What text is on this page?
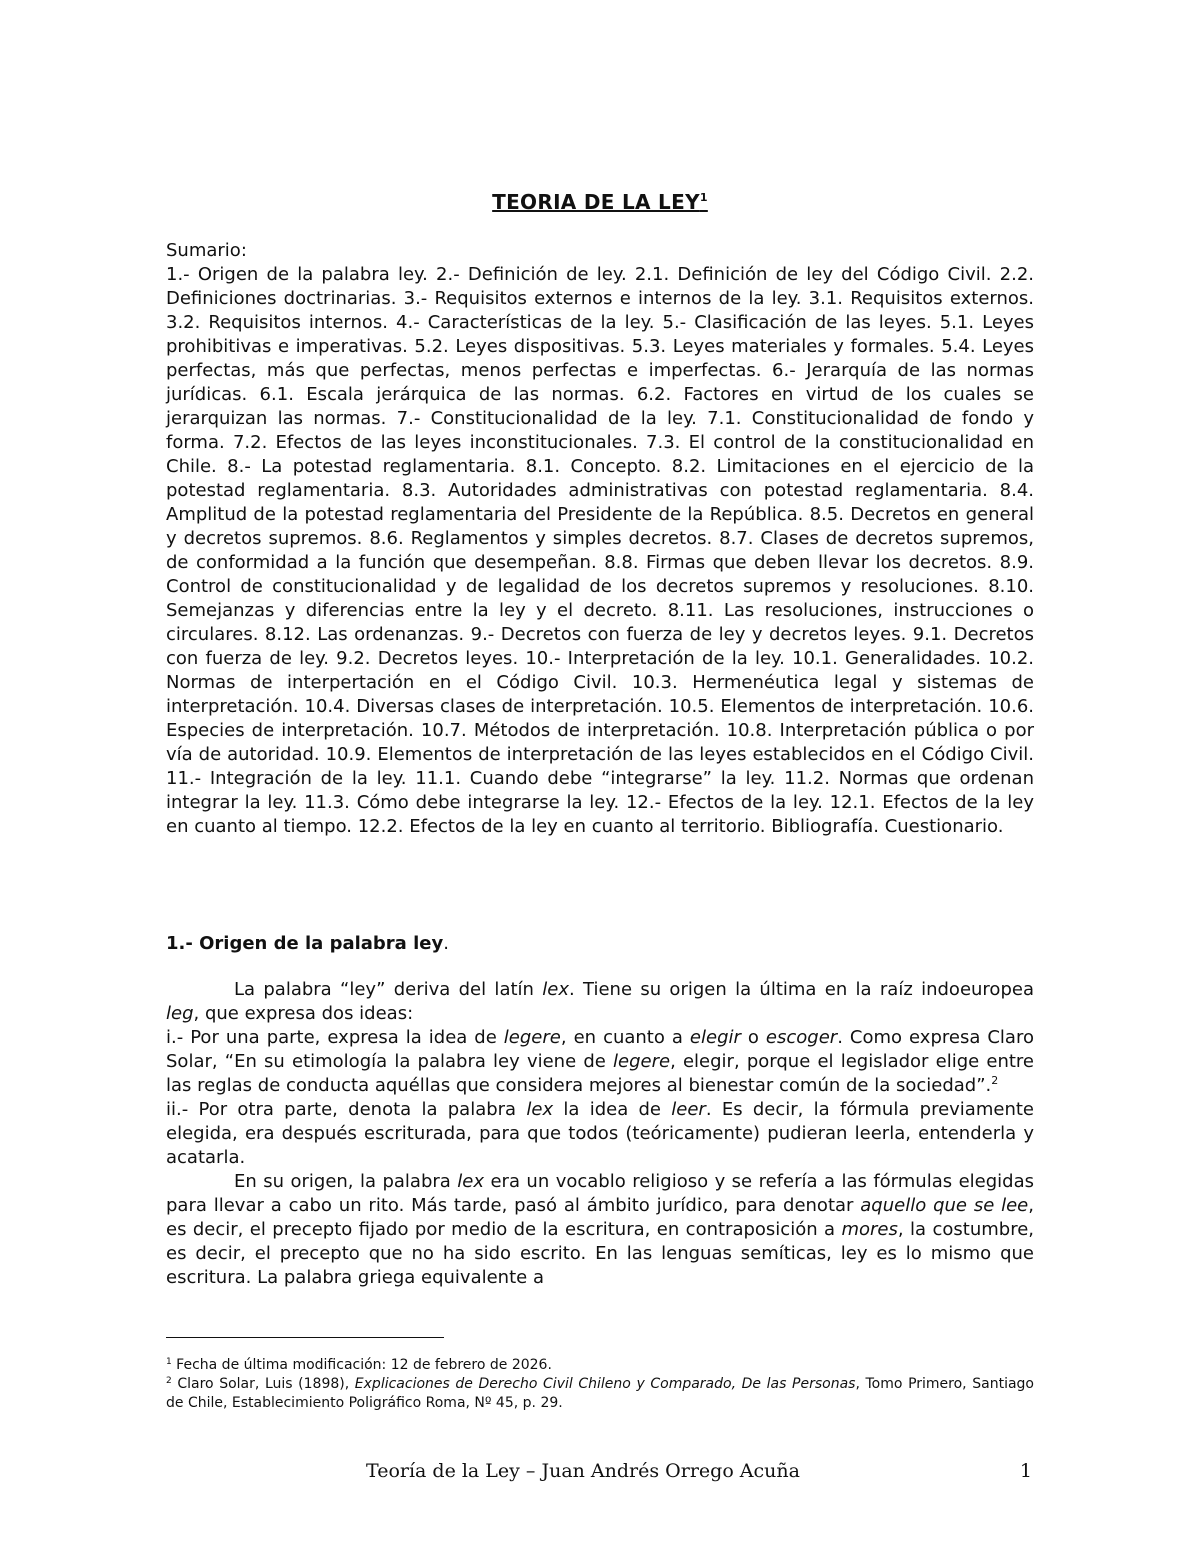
TEORIA DE LA LEY$^1$
Sumario:
1.- Origen de la palabra ley. 2.- Definición de ley. 2.1. Definición de ley del Código Civil. 2.2. Definiciones doctrinarias. 3.- Requisitos externos e internos de la ley. 3.1. Requisitos externos. 3.2. Requisitos internos. 4.- Características de la ley. 5.- Clasificación de las leyes. 5.1. Leyes prohibitivas e imperativas. 5.2. Leyes dispositivas. 5.3. Leyes materiales y formales. 5.4. Leyes perfectas, más que perfectas, menos perfectas e imperfectas. 6.- Jerarquía de las normas jurídicas. 6.1. Escala jerárquica de las normas. 6.2. Factores en virtud de los cuales se jerarquizan las normas. 7.- Constitucionalidad de la ley. 7.1. Constitucionalidad de fondo y forma. 7.2. Efectos de las leyes inconstitucionales. 7.3. El control de la constitucionalidad en Chile. 8.- La potestad reglamentaria. 8.1. Concepto. 8.2. Limitaciones en el ejercicio de la potestad reglamentaria. 8.3. Autoridades administrativas con potestad reglamentaria. 8.4. Amplitud de la potestad reglamentaria del Presidente de la República. 8.5. Decretos en general y decretos supremos. 8.6. Reglamentos y simples decretos. 8.7. Clases de decretos supremos, de conformidad a la función que desempeñan. 8.8. Firmas que deben llevar los decretos. 8.9. Control de constitucionalidad y de legalidad de los decretos supremos y resoluciones. 8.10. Semejanzas y diferencias entre la ley y el decreto. 8.11. Las resoluciones, instrucciones o circulares. 8.12. Las ordenanzas. 9.- Decretos con fuerza de ley y decretos leyes. 9.1. Decretos con fuerza de ley. 9.2. Decretos leyes. 10.- Interpretación de la ley. 10.1. Generalidades. 10.2. Normas de interpertación en el Código Civil. 10.3. Hermenéutica legal y sistemas de interpretación. 10.4. Diversas clases de interpretación. 10.5. Elementos de interpretación. 10.6. Especies de interpretación. 10.7. Métodos de interpretación. 10.8. Interpretación pública o por vía de autoridad. 10.9. Elementos de interpretación de las leyes establecidos en el Código Civil. 11.- Integración de la ley. 11.1. Cuando debe “integrarse” la ley. 11.2. Normas que ordenan integrar la ley. 11.3. Cómo debe integrarse la ley. 12.- Efectos de la ley. 12.1. Efectos de la ley en cuanto al tiempo. 12.2. Efectos de la ley en cuanto al territorio. Bibliografía. Cuestionario.
1.- Origen de la palabra ley.

La palabra “ley” deriva del latín lex. Tiene su origen la última en la raíz indoeuropea leg, que expresa dos ideas:

i.- Por una parte, expresa la idea de legere, en cuanto a elegir o escoger. Como expresa Claro Solar, “En su etimología la palabra ley viene de legere, elegir, porque el legislador elige entre las reglas de conducta aquéllas que considera mejores al bienestar común de la sociedad”.$^2$

ii.- Por otra parte, denota la palabra lex la idea de leer. Es decir, la fórmula previamente elegida, era después escriturada, para que todos (teóricamente) pudieran leerla, entenderla y acatarla.

En su origen, la palabra lex era un vocablo religioso y se refería a las fórmulas elegidas para llevar a cabo un rito. Más tarde, pasó al ámbito jurídico, para denotar aquello que se lee, es decir, el precepto fijado por medio de la escritura, en contraposición a mores, la costumbre, es decir, el precepto que no ha sido escrito. En las lenguas semíticas, ley es lo mismo que escritura. La palabra griega equivalente a

$^1$ Fecha de última modificación: 12 de febrero de 2026.

$^2$ Claro Solar, Luis (1898), Explicaciones de Derecho Civil Chileno y Comparado, De las Personas, Tomo Primero, Santiago de Chile, Establecimiento Poligráfico Roma, Nº 45, p. 29.

Teoría de la Ley – Juan Andrés Orrego Acuña	1
